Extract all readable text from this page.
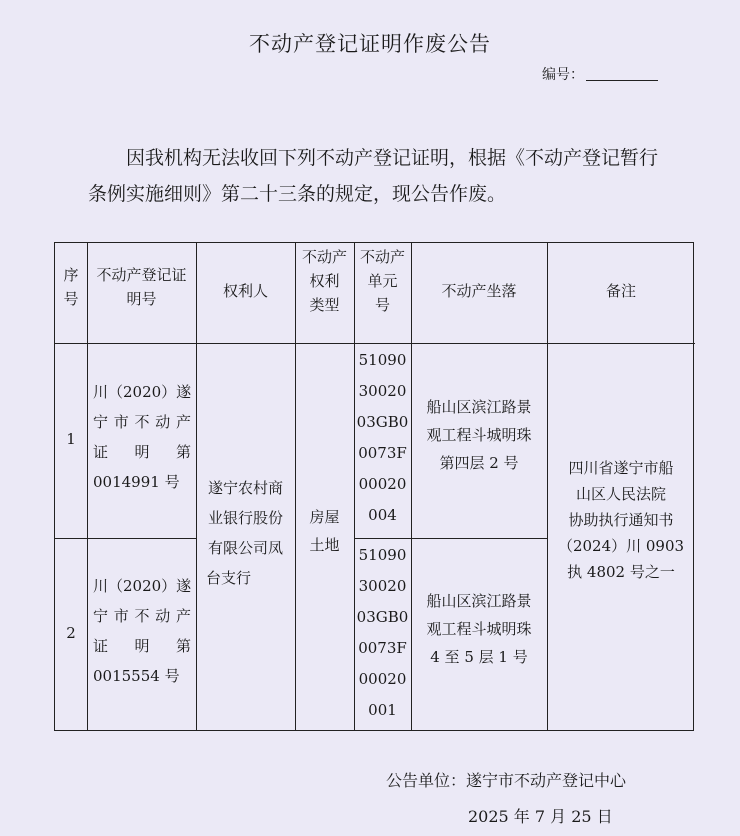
不动产登记证明作废公告
编号：
因我机构无法收回下列不动产登记证明，根据《不动产登记暂行
条例实施细则》第二十三条的规定，现公告作废。
序
号
不动产登记证
明号	权利人
不动产
权利
类型
不动产
单元
号
不动产坐落	备注
1
川（2020）遂
宁市不动产
证 明 第
0014991 号
51090
30020
03GB0
0073F
00020
004
船山区滨江路景
观工程斗城明珠
第四层 2 号
遂宁农村商
业银行股份
有限公司凤
台支行
房屋
土地
四川省遂宁市船
山区人民法院
协助执行通知书
（2024）川 0903
执 4802 号之一
2
川（2020）遂
宁市不动产
证 明 第
0015554 号
51090
30020
03GB0
0073F
00020
001
船山区滨江路景
观工程斗城明珠
4 至 5 层 1 号
公告单位：遂宁市不动产登记中心
2025 年 7 月 25 日
